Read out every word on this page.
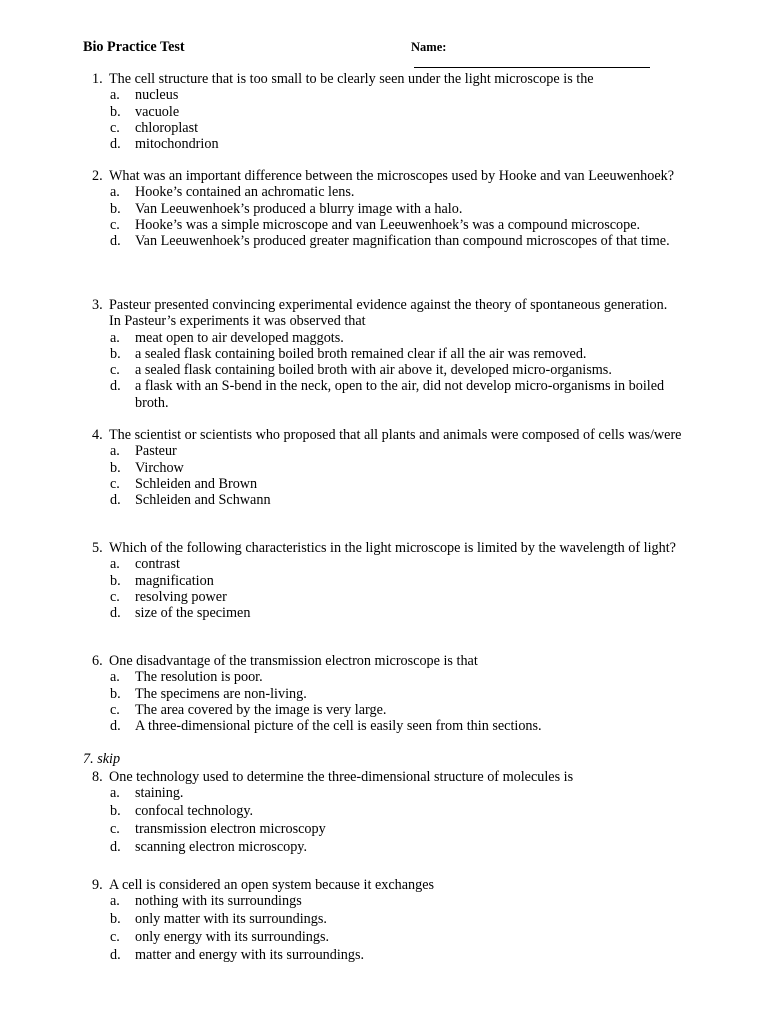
Bio Practice Test	Name:
1. The cell structure that is too small to be clearly seen under the light microscope is the
a. nucleus
b. vacuole
c. chloroplast
d. mitochondrion
2. What was an important difference between the microscopes used by Hooke and van Leeuwenhoek?
a. Hooke’s contained an achromatic lens.
b. Van Leeuwenhoek’s produced a blurry image with a halo.
c. Hooke’s was a simple microscope and van Leeuwenhoek’s was a compound microscope.
d. Van Leeuwenhoek’s produced greater magnification than compound microscopes of that time.
3. Pasteur presented convincing experimental evidence against the theory of spontaneous generation. In Pasteur’s experiments it was observed that
a. meat open to air developed maggots.
b. a sealed flask containing boiled broth remained clear if all the air was removed.
c. a sealed flask containing boiled broth with air above it, developed micro-organisms.
d. a flask with an S-bend in the neck, open to the air, did not develop micro-organisms in boiled broth.
4. The scientist or scientists who proposed that all plants and animals were composed of cells was/were
a. Pasteur
b. Virchow
c. Schleiden and Brown
d. Schleiden and Schwann
5. Which of the following characteristics in the light microscope is limited by the wavelength of light?
a. contrast
b. magnification
c. resolving power
d. size of the specimen
6. One disadvantage of the transmission electron microscope is that
a. The resolution is poor.
b. The specimens are non-living.
c. The area covered by the image is very large.
d. A three-dimensional picture of the cell is easily seen from thin sections.
7. skip
8. One technology used to determine the three-dimensional structure of molecules is
a. staining.
b. confocal technology.
c. transmission electron microscopy
d. scanning electron microscopy.
9. A cell is considered an open system because it exchanges
a. nothing with its surroundings
b. only matter with its surroundings.
c. only energy with its surroundings.
d. matter and energy with its surroundings.
